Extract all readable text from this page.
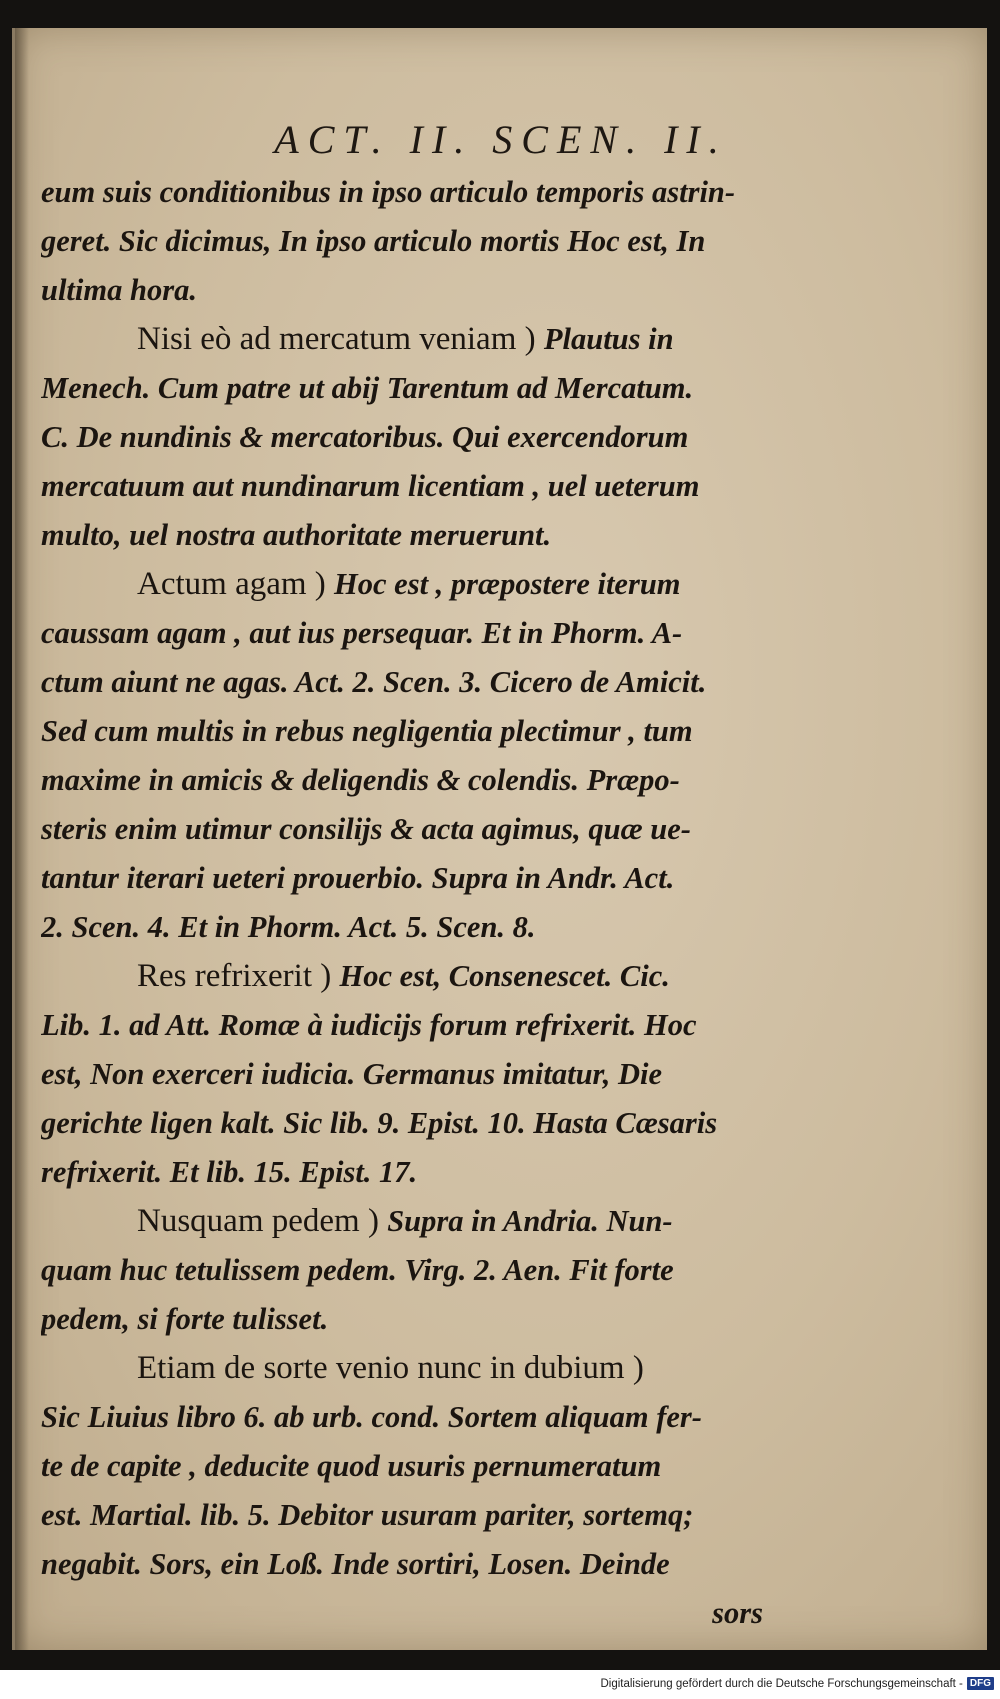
ACT. II. SCEN. II.
eum suis conditionibus in ipso articulo temporis astrin-
geret. Sic dicimus, In ipso articulo mortis Hoc est, In
ultima hora.
Nisi eò ad mercatum veniam ) Plautus in
Menech. Cum patre ut abij Tarentum ad Mercatum.
C. De nundinis & mercatoribus. Qui exercendorum
mercatuum aut nundinarum licentiam , uel ueterum
multo, uel nostra authoritate meruerunt.
Actum agam ) Hoc est , præpostere iterum
caussam agam , aut ius persequar. Et in Phorm. A-
ctum aiunt ne agas. Act. 2. Scen. 3. Cicero de Amicit.
Sed cum multis in rebus negligentia plectimur , tum
maxime in amicis & deligendis & colendis. Præpo-
steris enim utimur consilijs & acta agimus, quæ ue-
tantur iterari ueteri prouerbio. Supra in Andr. Act.
2. Scen. 4. Et in Phorm. Act. 5. Scen. 8.
Res refrixerit ) Hoc est, Consenescet. Cic.
Lib. 1. ad Att. Romæ à iudicijs forum refrixerit. Hoc
est, Non exerceri iudicia. Germanus imitatur, Die
gerichte ligen kalt. Sic lib. 9. Epist. 10. Hasta Cæsaris
refrixerit. Et lib. 15. Epist. 17.
Nusquam pedem ) Supra in Andria. Nun-
quam huc tetulissem pedem. Virg. 2. Aen. Fit forte
pedem, si forte tulisset.
Etiam de sorte venio nunc in dubium )
Sic Liuius libro 6. ab urb. cond. Sortem aliquam fer-
te de capite , deducite quod usuris pernumeratum
est. Martial. lib. 5. Debitor usuram pariter, sortemq;
negabit. Sors, ein Loß. Inde sortiri, Losen. Deinde
sors
Digitalisierung gefördert durch die Deutsche Forschungsgemeinschaft - DFG
